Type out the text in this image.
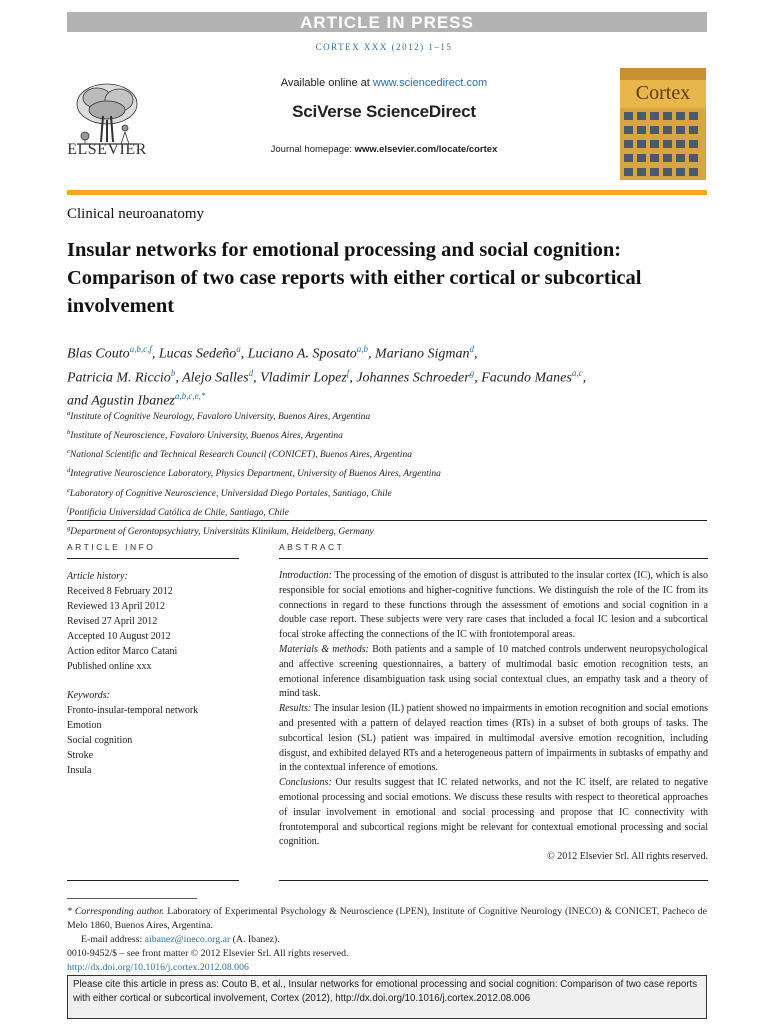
ARTICLE IN PRESS
CORTEX XXX (2012) 1–15
ELSEVIER
Available online at www.sciencedirect.com
SciVerse ScienceDirect
Journal homepage: www.elsevier.com/locate/cortex
Cortex
Clinical neuroanatomy
Insular networks for emotional processing and social cognition: Comparison of two case reports with either cortical or subcortical involvement
Blas Couto$^{a,b,c,f}$, Lucas Sedeño$^a$, Luciano A. Sposato$^{a,b}$, Mariano Sigman$^d$,
Patricia M. Riccio$^b$, Alejo Salles$^d$, Vladimir Lopez$^f$, Johannes Schroeder$^g$, Facundo Manes$^{a,c}$,
and Agustin Ibanez$^{a,b,c,e,*}$
$^a$Institute of Cognitive Neurology, Favaloro University, Buenos Aires, Argentina
$^b$Institute of Neuroscience, Favaloro University, Buenos Aires, Argentina
$^c$National Scientific and Technical Research Council (CONICET), Buenos Aires, Argentina
$^d$Integrative Neuroscience Laboratory, Physics Department, University of Buenos Aires, Argentina
$^e$Laboratory of Cognitive Neuroscience, Universidad Diego Portales, Santiago, Chile
$^f$Pontificia Universidad Católica de Chile, Santiago, Chile
$^g$Department of Gerontopsychiatry, Universitäts Klinikum, Heidelberg, Germany
ARTICLE INFO	ABSTRACT
Article history:
Received 8 February 2012
Reviewed 13 April 2012
Revised 27 April 2012
Accepted 10 August 2012
Action editor Marco Catani
Published online xxx
Keywords:
Fronto-insular-temporal network
Emotion
Social cognition
Stroke
Insula

Introduction: The processing of the emotion of disgust is attributed to the insular cortex (IC), which is also responsible for social emotions and higher-cognitive functions. We distinguish the role of the IC from its connections in regard to these functions through the assessment of emotions and social cognition in a double case report. These subjects were very rare cases that included a focal IC lesion and a subcortical focal stroke affecting the connections of the IC with frontotemporal areas.

Materials & methods: Both patients and a sample of 10 matched controls underwent neuropsychological and affective screening questionnaires, a battery of multimodal basic emotion recognition tests, an emotional inference disambiguation task using social contextual clues, an empathy task and a theory of mind task.

Results: The insular lesion (IL) patient showed no impairments in emotion recognition and social emotions and presented with a pattern of delayed reaction times (RTs) in a subset of both groups of tasks. The subcortical lesion (SL) patient was impaired in multimodal aversive emotion recognition, including disgust, and exhibited delayed RTs and a heterogeneous pattern of impairments in subtasks of empathy and in the contextual inference of emotions.

Conclusions: Our results suggest that IC related networks, and not the IC itself, are related to negative emotional processing and social emotions. We discuss these results with respect to theoretical approaches of insular involvement in emotional and social processing and propose that IC connectivity with frontotemporal and subcortical regions might be relevant for contextual emotional processing and social cognition.

© 2012 Elsevier Srl. All rights reserved.
* Corresponding author. Laboratory of Experimental Psychology & Neuroscience (LPEN), Institute of Cognitive Neurology (INECO) & CONICET, Pacheco de Melo 1860, Buenos Aires, Argentina.
E-mail address: aibanez@ineco.org.ar (A. Ibanez).
0010-9452/$ – see front matter © 2012 Elsevier Srl. All rights reserved.
http://dx.doi.org/10.1016/j.cortex.2012.08.006
Please cite this article in press as: Couto B, et al., Insular networks for emotional processing and social cognition: Comparison of two case reports with either cortical or subcortical involvement, Cortex (2012), http://dx.doi.org/10.1016/j.cortex.2012.08.006
